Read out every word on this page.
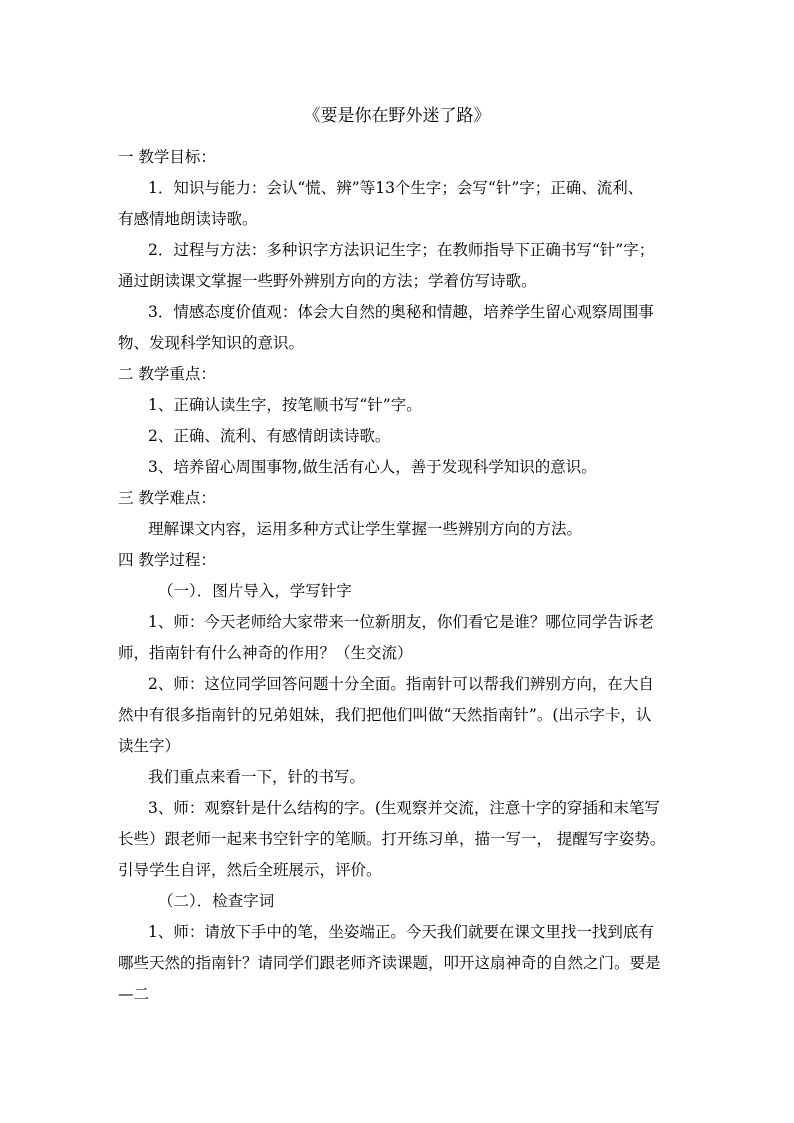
《要是你在野外迷了路》
一 教学目标：
1．知识与能力：会认“慌、辨”等13个生字；会写“针”字；正确、流利、
有感情地朗读诗歌。
2．过程与方法：多种识字方法识记生字；在教师指导下正确书写“针”字；
通过朗读课文掌握一些野外辨别方向的方法；学着仿写诗歌。
3．情感态度价值观：体会大自然的奥秘和情趣，培养学生留心观察周围事
物、发现科学知识的意识。
二 教学重点：
1、正确认读生字，按笔顺书写“针”字。
2、正确、流利、有感情朗读诗歌。
3、培养留心周围事物,做生活有心人，善于发现科学知识的意识。
三 教学难点：
理解课文内容，运用多种方式让学生掌握一些辨别方向的方法。
四 教学过程：
（一）．图片导入，学写针字
1、师：今天老师给大家带来一位新朋友，你们看它是谁？哪位同学告诉老
师，指南针有什么神奇的作用？（生交流）
2、师：这位同学回答问题十分全面。指南针可以帮我们辨别方向，在大自
然中有很多指南针的兄弟姐妹，我们把他们叫做“天然指南针”。(出示字卡，认
读生字）
我们重点来看一下，针的书写。
3、师：观察针是什么结构的字。(生观察并交流，注意十字的穿插和末笔写
长些）跟老师一起来书空针字的笔顺。打开练习单，描一写一， 提醒写字姿势。
引导学生自评，然后全班展示，评价。
（二）．检查字词
1、师：请放下手中的笔，坐姿端正。今天我们就要在课文里找一找到底有
哪些天然的指南针？请同学们跟老师齐读课题，叩开这扇神奇的自然之门。要是
—二
